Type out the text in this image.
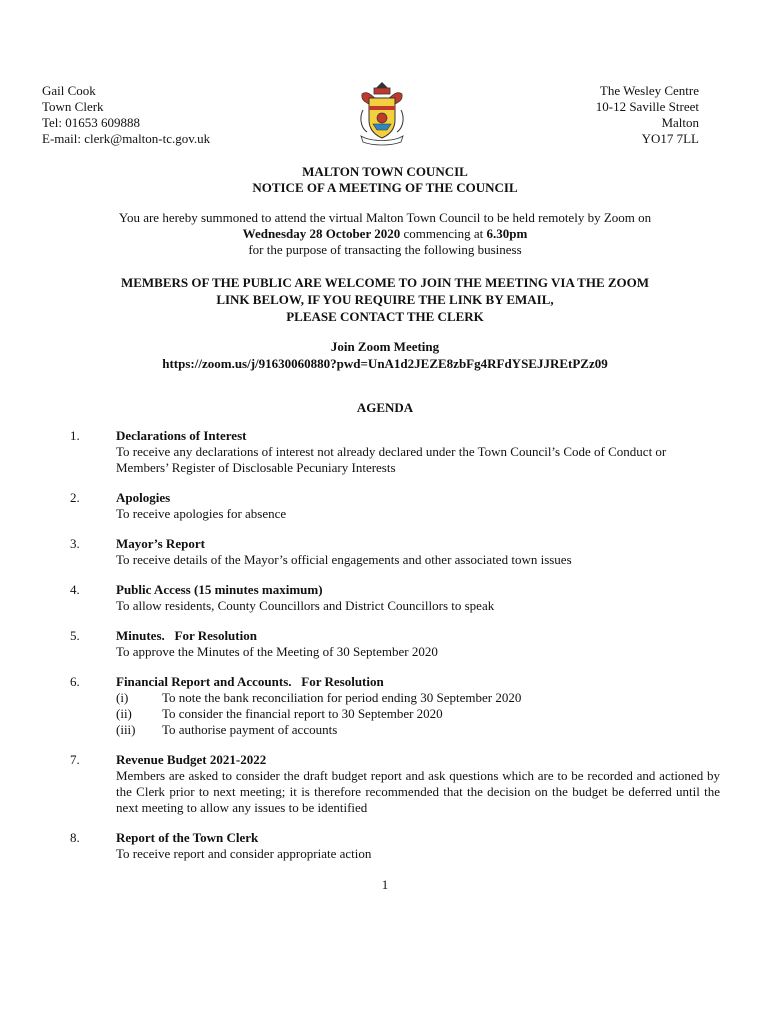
Gail Cook
Town Clerk
Tel: 01653 609888
E-mail: clerk@malton-tc.gov.uk
The Wesley Centre
10-12 Saville Street
Malton
YO17 7LL
MALTON TOWN COUNCIL
NOTICE OF A MEETING OF THE COUNCIL
You are hereby summoned to attend the virtual Malton Town Council to be held remotely by Zoom on
Wednesday 28 October 2020 commencing at 6.30pm
for the purpose of transacting the following business
MEMBERS OF THE PUBLIC ARE WELCOME TO JOIN THE MEETING VIA THE ZOOM
LINK BELOW, IF YOU REQUIRE THE LINK BY EMAIL,
PLEASE CONTACT THE CLERK
Join Zoom Meeting
https://zoom.us/j/91630060880?pwd=UnA1d2JEZE8zbFg4RFdYSEJJREtPZz09
AGENDA
1.	Declarations of Interest
To receive any declarations of interest not already declared under the Town Council’s Code of Conduct or Members’ Register of Disclosable Pecuniary Interests
2.	Apologies
To receive apologies for absence
3.	Mayor’s Report
To receive details of the Mayor’s official engagements and other associated town issues
4.	Public Access (15 minutes maximum)
To allow residents, County Councillors and District Councillors to speak
5.	Minutes.   For Resolution
To approve the Minutes of the Meeting of 30 September 2020
6.	Financial Report and Accounts.   For Resolution
(i)	To note the bank reconciliation for period ending 30 September 2020
(ii)	To consider the financial report to 30 September 2020
(iii)	To authorise payment of accounts
7.	Revenue Budget 2021-2022
Members are asked to consider the draft budget report and ask questions which are to be recorded and actioned by the Clerk prior to next meeting; it is therefore recommended that the decision on the budget be deferred until the next meeting to allow any issues to be identified
8.	Report of the Town Clerk
To receive report and consider appropriate action
1
